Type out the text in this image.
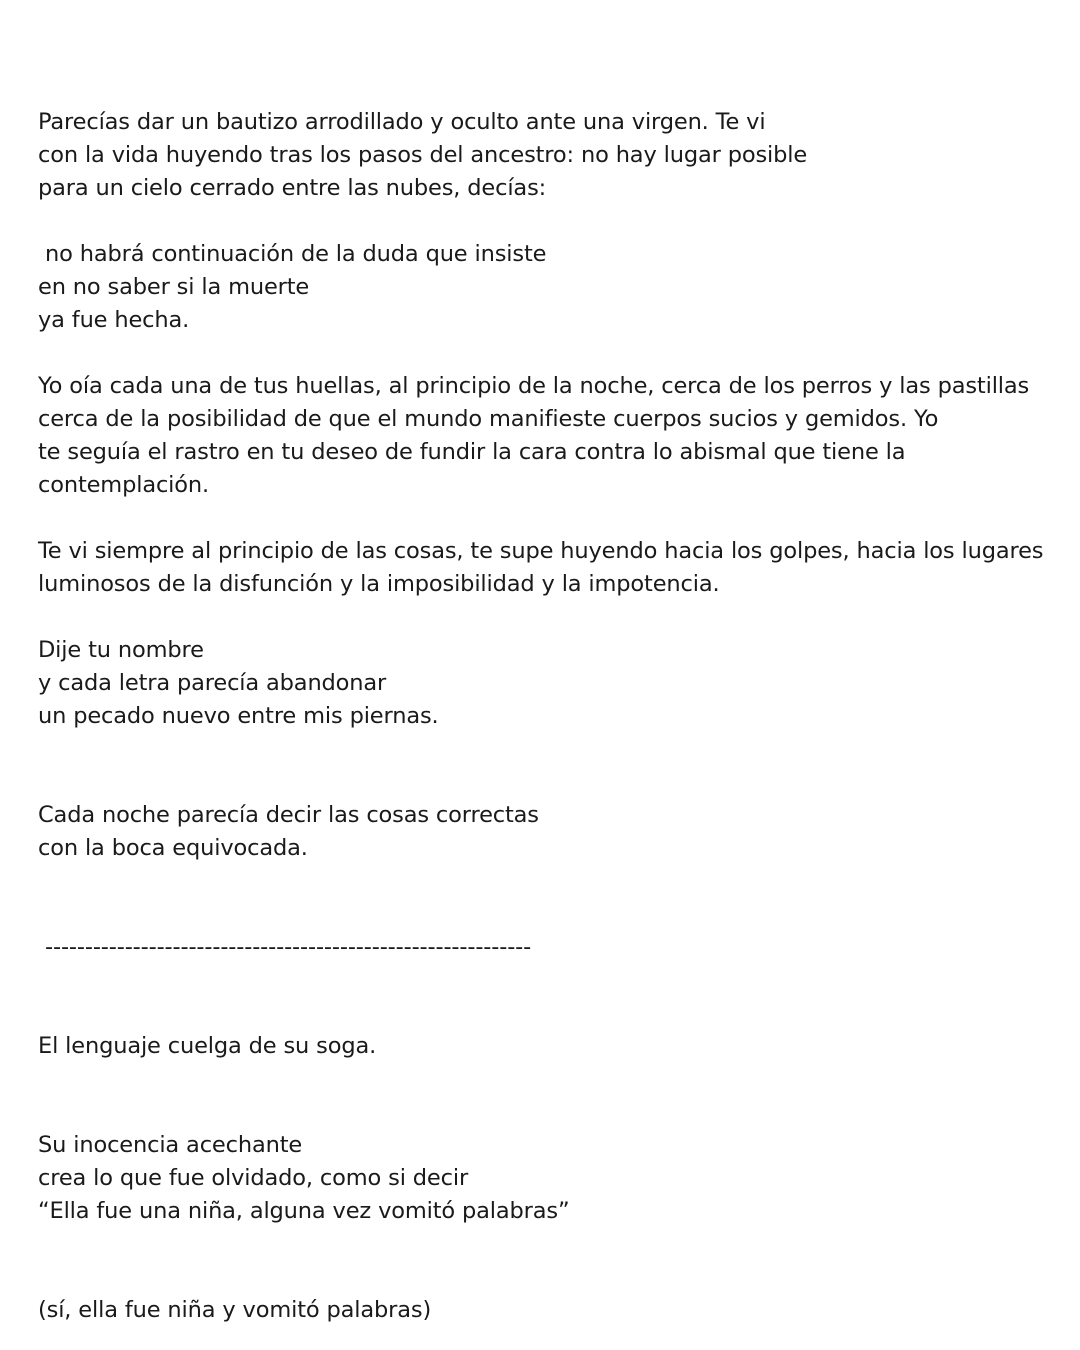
Parecías dar un bautizo arrodillado y oculto ante una virgen. Te vi
con la vida huyendo tras los pasos del ancestro: no hay lugar posible
para un cielo cerrado entre las nubes, decías:
no habrá continuación de la duda que insiste
en no saber si la muerte
ya fue hecha.
Yo oía cada una de tus huellas, al principio de la noche, cerca de los perros y las pastillas
cerca de la posibilidad de que el mundo manifieste cuerpos sucios y gemidos. Yo
te seguía el rastro en tu deseo de fundir la cara contra lo abismal que tiene la
contemplación.
Te vi siempre al principio de las cosas, te supe huyendo hacia los golpes, hacia los lugares
luminosos de la disfunción y la imposibilidad y la impotencia.
Dije tu nombre
y cada letra parecía abandonar
un pecado nuevo entre mis piernas.
Cada noche parecía decir las cosas correctas
con la boca equivocada.
-------------------------------------------------------------
El lenguaje cuelga de su soga.
Su inocencia acechante
crea lo que fue olvidado, como si decir
“Ella fue una niña, alguna vez vomitó palabras”
(sí, ella fue niña y vomitó palabras)
